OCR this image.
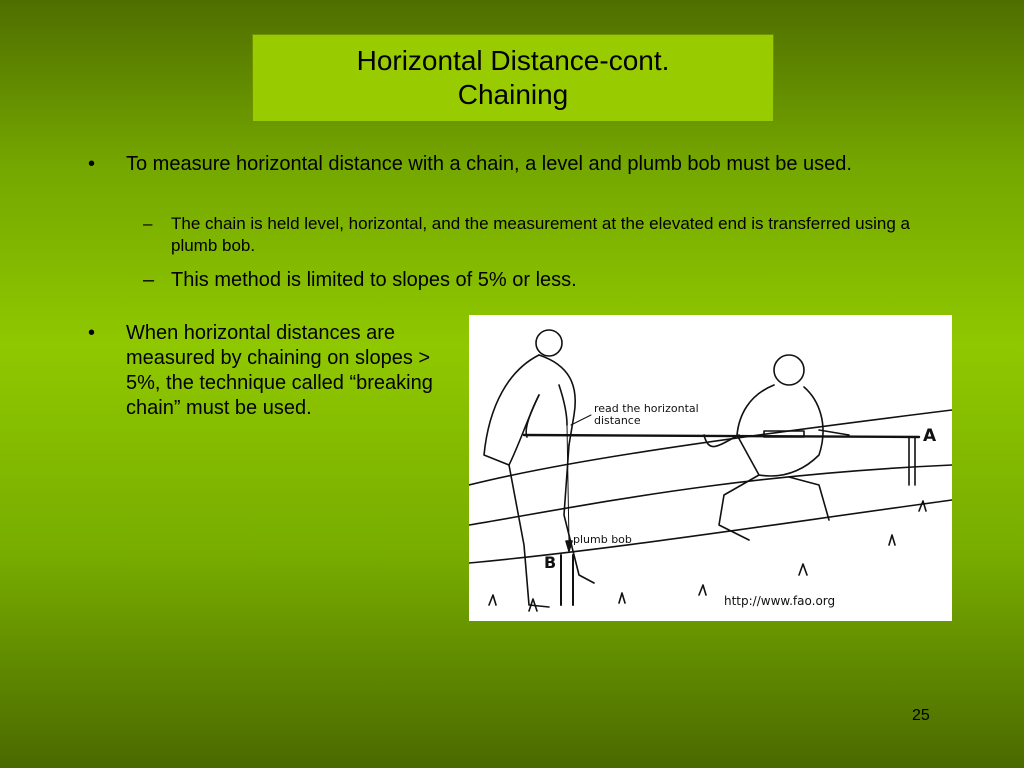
Horizontal Distance-cont.
Chaining
• To measure horizontal distance with a chain, a level and plumb bob must be used.
– The chain is held level, horizontal, and the measurement at the elevated end is transferred using a plumb bob.
– This method is limited to slopes of 5% or less.
• When horizontal distances are measured by chaining on slopes > 5%, the technique called “breaking chain” must be used.	read the horizontal distance
plumb bob
A
B
http://www.fao.org
25
